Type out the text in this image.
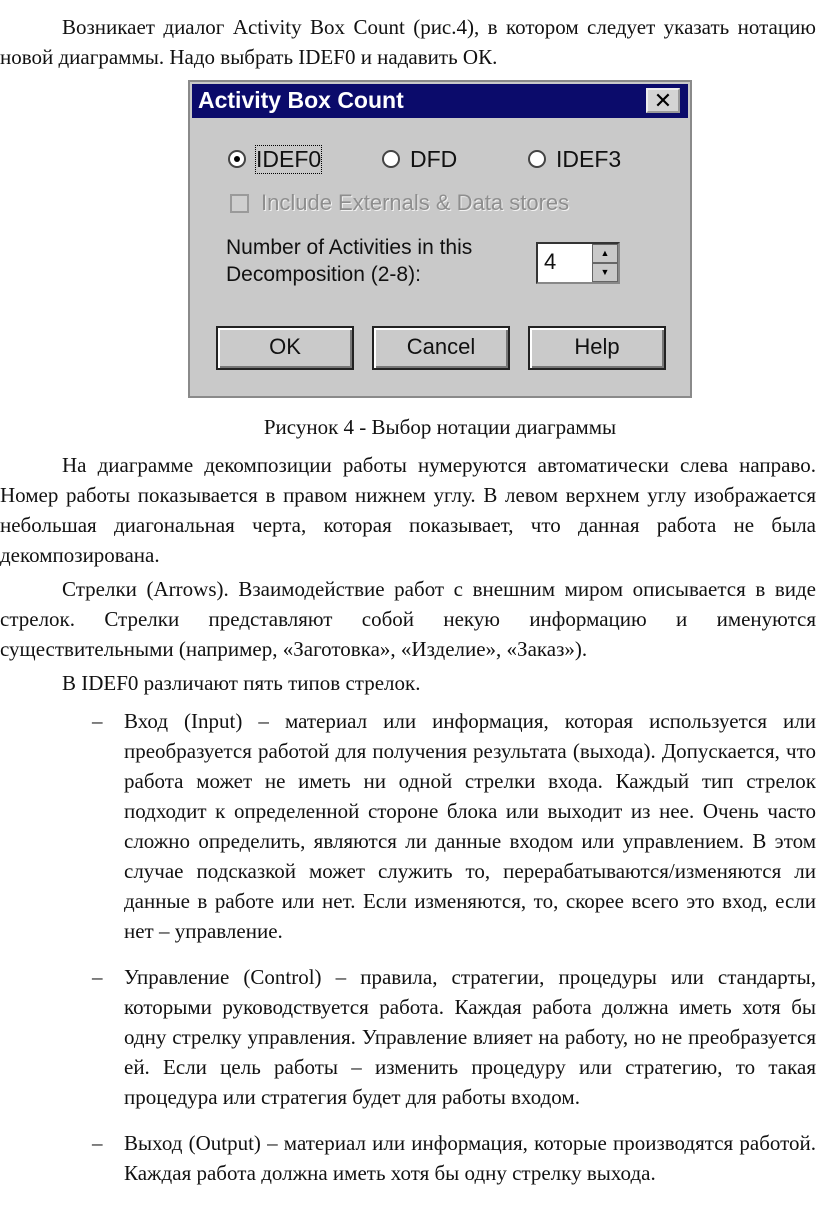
Возникает диалог Activity Box Count (рис.4), в котором следует указать нотацию новой диаграммы. Надо выбрать IDEF0 и надавить ОК.

Activity Box Count	✕
IDEF0	DFD	IDEF3
Include Externals & Data stores
Number of Activities in this
Decomposition (2-8):
4	▲
▼
OK	Cancel	Help
Рисунок 4 - Выбор нотации диаграммы

На диаграмме декомпозиции работы нумеруются автоматически слева направо. Номер работы показывается в правом нижнем углу. В левом верхнем углу изображается небольшая диагональная черта, которая показывает, что данная работа не была декомпозирована.

Стрелки (Arrows). Взаимодействие работ с внешним миром описывается в виде стрелок. Стрелки представляют собой некую информацию и именуются существительными (например, «Заготовка», «Изделие», «Заказ»).

В IDEF0 различают пять типов стрелок.

– Вход (Input) – материал или информация, которая используется или преобразуется работой для получения результата (выхода). Допускается, что работа может не иметь ни одной стрелки входа. Каждый тип стрелок подходит к определенной стороне блока или выходит из нее. Очень часто сложно определить, являются ли данные входом или управлением. В этом случае подсказкой может служить то, перерабатываются/изменяются ли данные в работе или нет. Если изменяются, то, скорее всего это вход, если нет – управление.

– Управление (Control) – правила, стратегии, процедуры или стандарты, которыми руководствуется работа. Каждая работа должна иметь хотя бы одну стрелку управления. Управление влияет на работу, но не преобразуется ей. Если цель работы – изменить процедуру или стратегию, то такая процедура или стратегия будет для работы входом.

– Выход (Output) – материал или информация, которые производятся работой. Каждая работа должна иметь хотя бы одну стрелку выхода.
